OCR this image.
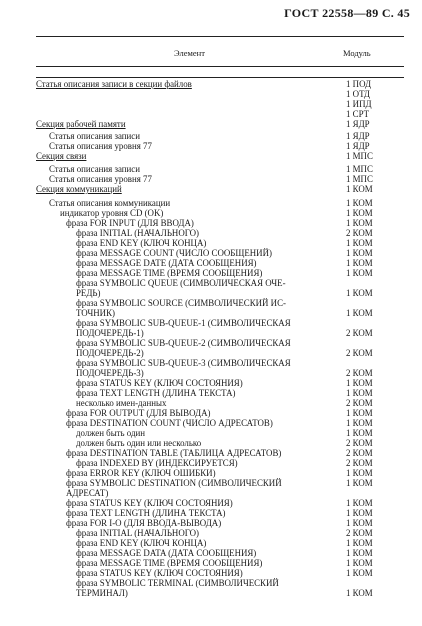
ГОСТ 22558—89 С. 45
Элемент	Модуль
Статья описания записи в секции файлов	1 ПОД
1 ОТД
1 ИПД
1 СРТ
Секция рабочей памяти	1 ЯДР
Статья описания записи	1 ЯДР
Статья описания уровня 77	1 ЯДР
Секция связи	1 МПС
Статья описания записи	1 МПС
Статья описания уровня 77	1 МПС
Секция коммуникаций	1 КОМ
Статья описания коммуникации	1 КОМ
индикатор уровня CD (OK)	1 КОМ
фраза FOR INPUT (ДЛЯ ВВОДА)	1 КОМ
фраза INITIAL (НАЧАЛЬНОГО)	2 КОМ
фраза END KEY (КЛЮЧ КОНЦА)	1 КОМ
фраза MESSAGE COUNT (ЧИСЛО СООБЩЕНИЙ)	1 КОМ
фраза MESSAGE DATE (ДАТА СООБЩЕНИЯ)	1 КОМ
фраза MESSAGE TIME (ВРЕМЯ СООБЩЕНИЯ)	1 КОМ
фраза SYMBOLIC QUEUE (СИМВОЛИЧЕСКАЯ ОЧЕ-
РЕДЬ)	1 КОМ
фраза SYMBOLIC SOURCE (СИМВОЛИЧЕСКИЙ ИС-
ТОЧНИК)	1 КОМ
фраза SYMBOLIC SUB-QUEUE-1 (СИМВОЛИЧЕСКАЯ
ПОДОЧЕРЕДЬ-1)	2 КОМ
фраза SYMBOLIC SUB-QUEUE-2 (СИМВОЛИЧЕСКАЯ
ПОДОЧЕРЕДЬ-2)	2 КОМ
фраза SYMBOLIC SUB-QUEUE-3 (СИМВОЛИЧЕСКАЯ
ПОДОЧЕРЕДЬ-3)	2 КОМ
фраза STATUS KEY (КЛЮЧ СОСТОЯНИЯ)	1 КОМ
фраза TEXT LENGTH (ДЛИНА ТЕКСТА)	1 КОМ
несколько имен-данных	2 КОМ
фраза FOR OUTPUT (ДЛЯ ВЫВОДА)	1 КОМ
фраза DESTINATION COUNT (ЧИСЛО АДРЕСАТОВ)	1 КОМ
должен быть один	1 КОМ
должен быть один или несколько	2 КОМ
фраза DESTINATION TABLE (ТАБЛИЦА АДРЕСАТОВ)	2 КОМ
фраза INDEXED BY (ИНДЕКСИРУЕТСЯ)	2 КОМ
фраза ERROR KEY (КЛЮЧ ОШИБКИ)	1 КОМ
фраза SYMBOLIC DESTINATION (СИМВОЛИЧЕСКИЙ	1 КОМ
АДРЕСАТ)
фраза STATUS KEY (КЛЮЧ СОСТОЯНИЯ)	1 КОМ
фраза TEXT LENGTH (ДЛИНА ТЕКСТА)	1 КОМ
фраза FOR I-O (ДЛЯ ВВОДА-ВЫВОДА)	1 КОМ
фраза INITIAL (НАЧАЛЬНОГО)	2 КОМ
фраза END KEY (КЛЮЧ КОНЦА)	1 КОМ
фраза MESSAGE DATA (ДАТА СООБЩЕНИЯ)	1 КОМ
фраза MESSAGE TIME (ВРЕМЯ СООБЩЕНИЯ)	1 КОМ
фраза STATUS KEY (КЛЮЧ СОСТОЯНИЯ)	1 КОМ
фраза SYMBOLIC TERMINAL (СИМВОЛИЧЕСКИЙ
ТЕРМИНАЛ)	1 КОМ
